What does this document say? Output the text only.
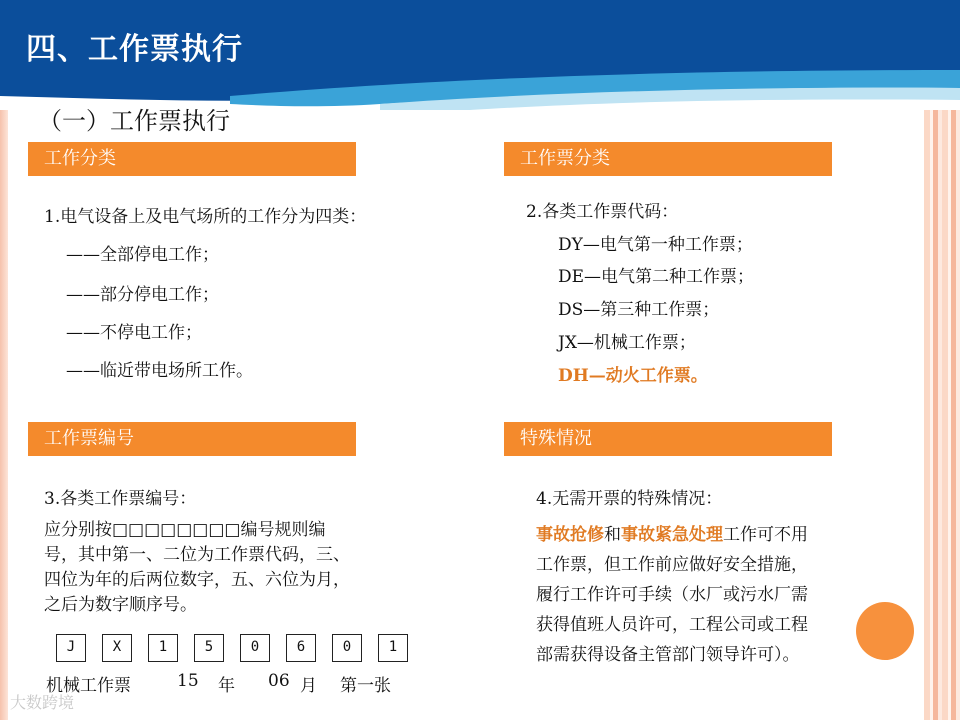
四、工作票执行
（一）工作票执行
工作分类
1.电气设备上及电气场所的工作分为四类：
——全部停电工作；
——部分停电工作；
——不停电工作；
——临近带电场所工作。
工作票分类
2.各类工作票代码：
DY—电气第一种工作票；
DE—电气第二种工作票；
DS—第三种工作票；
JX—机械工作票；
DH—动火工作票。
工作票编号
3.各类工作票编号：
应分别按□□□□□□□□编号规则编
号，其中第一、二位为工作票代码，三、
四位为年的后两位数字，五、六位为月，
之后为数字顺序号。
J	X	1	5	0	6	0	1
机械工作票	15 年 06 月 第一张
特殊情况
4.无需开票的特殊情况：
事故抢修和事故紧急处理工作可不用
工作票，但工作前应做好安全措施，
履行工作许可手续（水厂或污水厂需
获得值班人员许可，工程公司或工程
部需获得设备主管部门领导许可）。
大数跨境
